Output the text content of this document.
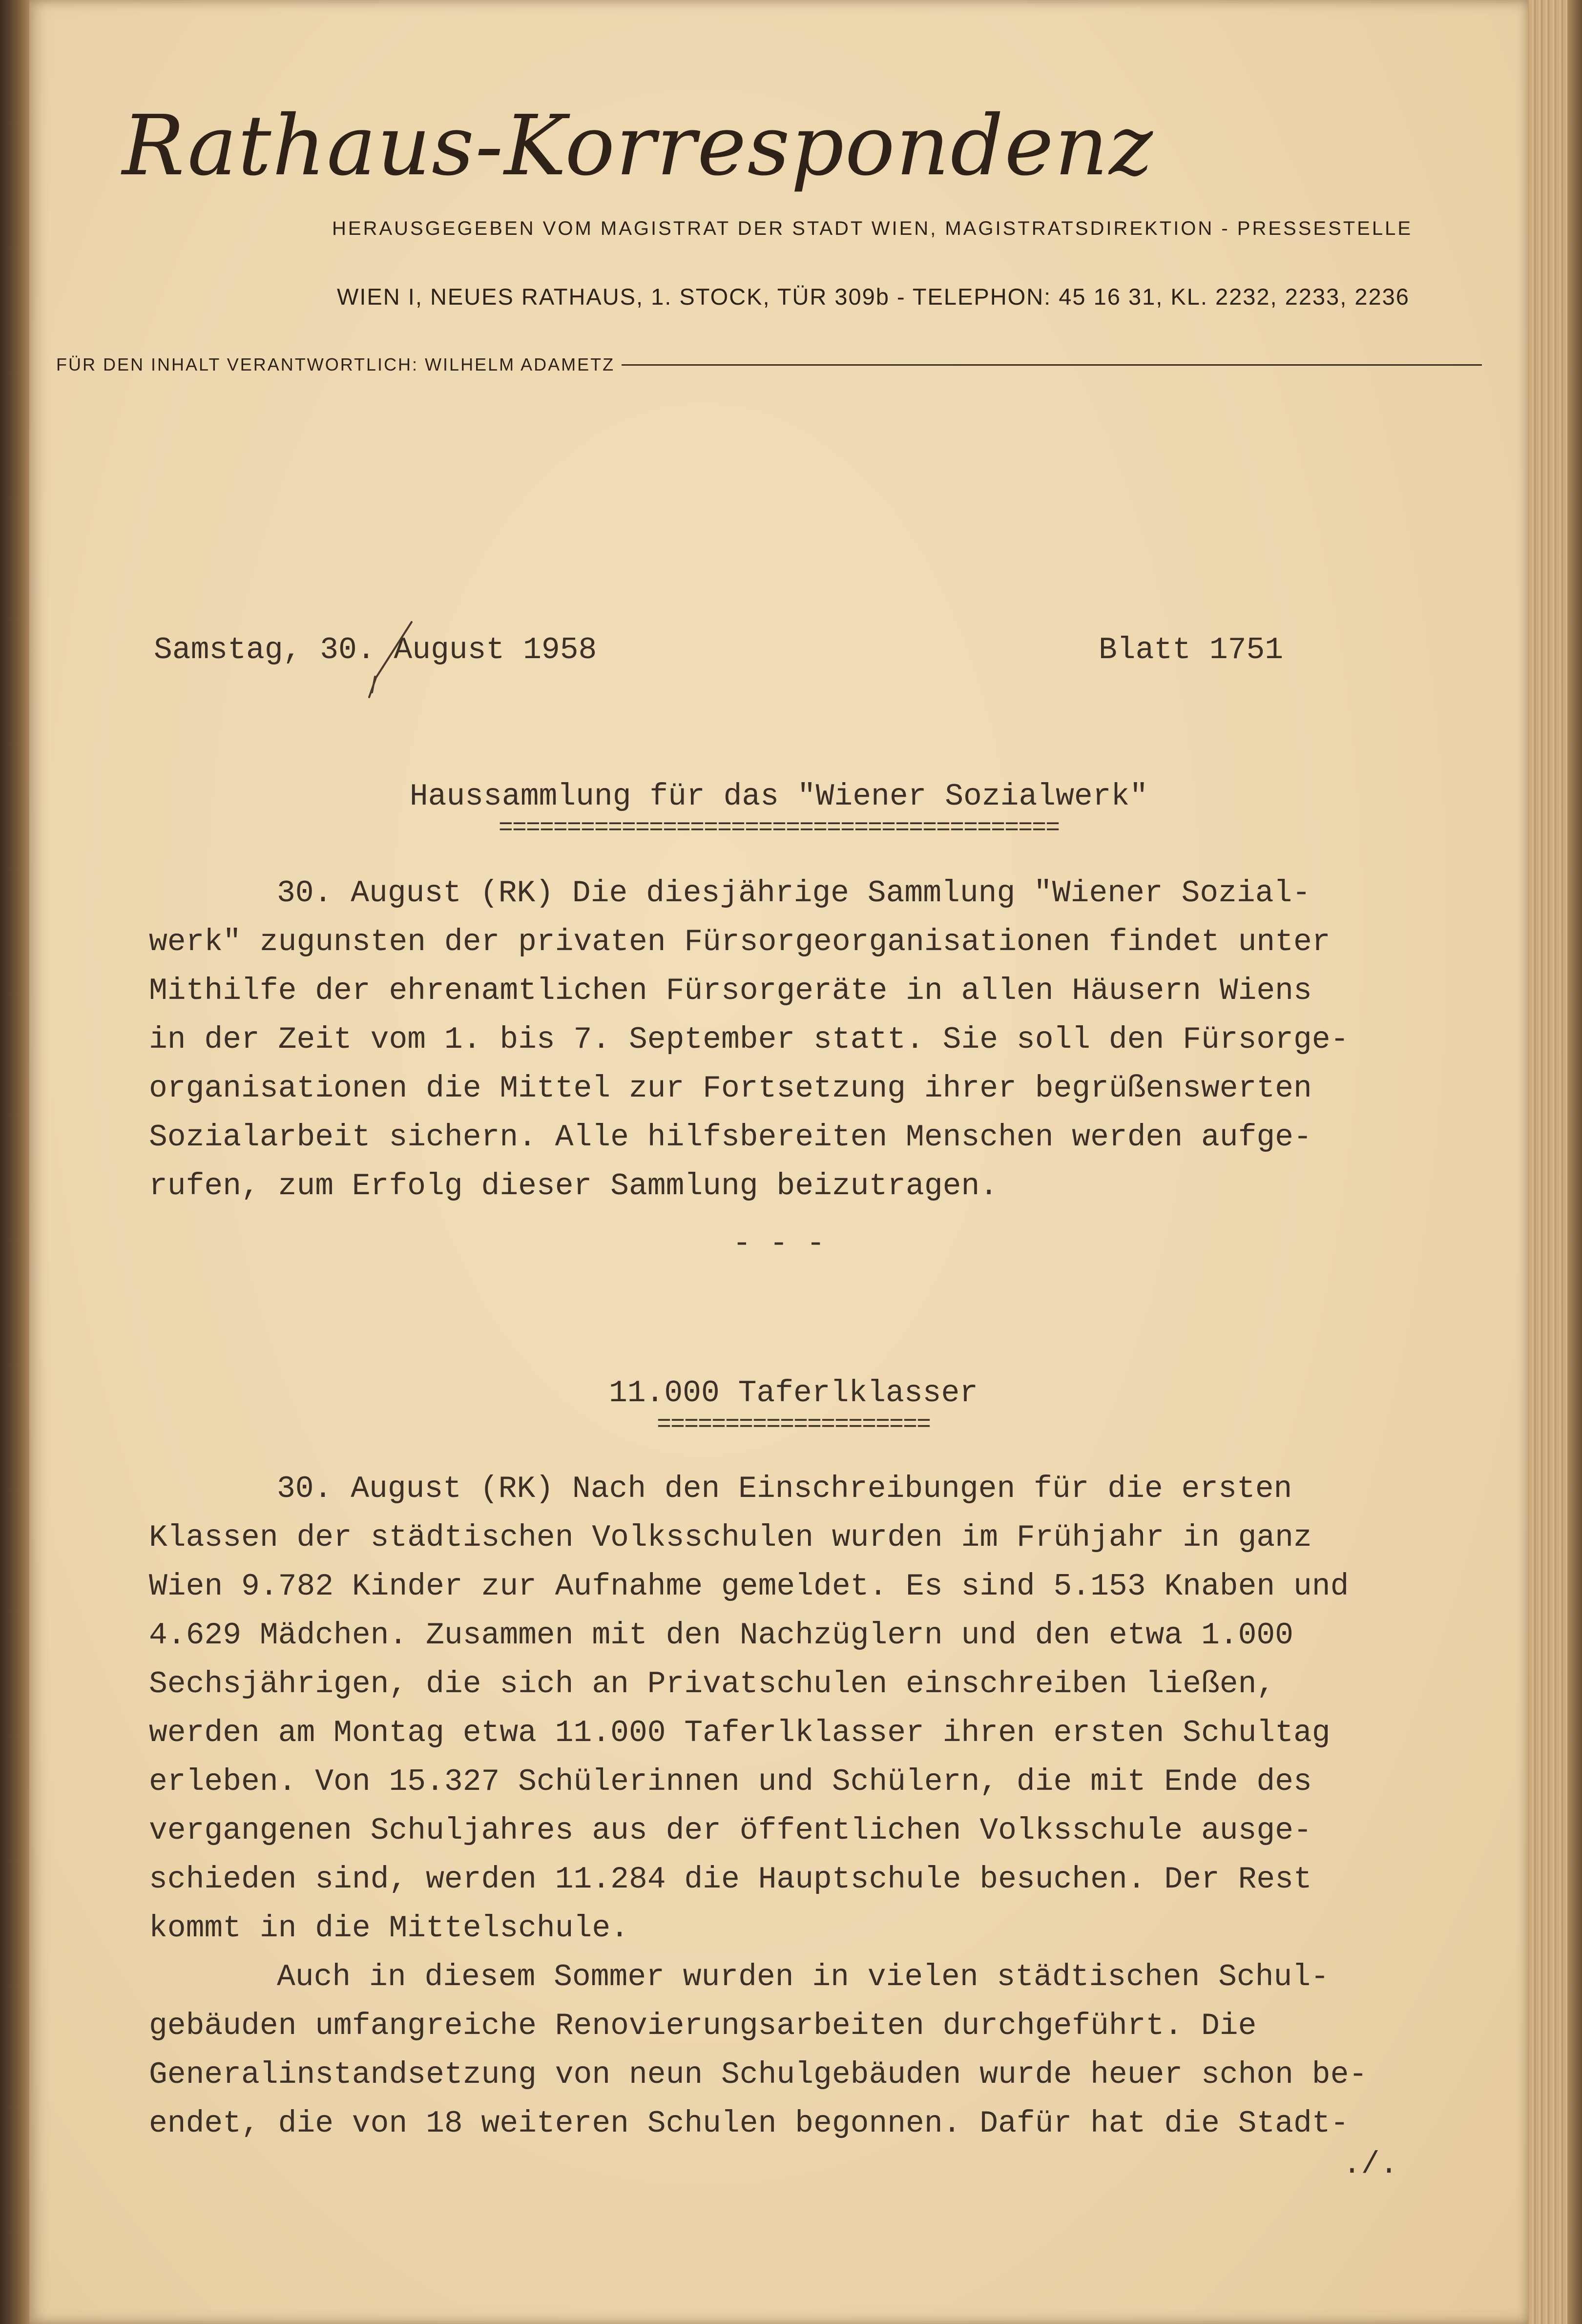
Rathaus-Korrespondenz
HERAUSGEGEBEN VOM MAGISTRAT DER STADT WIEN, MAGISTRATSDIREKTION - PRESSESTELLE
WIEN I, NEUES RATHAUS, 1. STOCK, TÜR 309b - TELEPHON: 45 16 31, KL. 2232, 2233, 2236
FÜR DEN INHALT VERANTWORTLICH: WILHELM ADAMETZ
Samstag, 30. August 1958	Blatt 1751
Haussammlung für das "Wiener Sozialwerk"
=========================================
30. August (RK) Die diesjährige Sammlung "Wiener Sozial-
werk" zugunsten der privaten Fürsorgeorganisationen findet unter
Mithilfe der ehrenamtlichen Fürsorgeräte in allen Häusern Wiens
in der Zeit vom 1. bis 7. September statt. Sie soll den Fürsorge-
organisationen die Mittel zur Fortsetzung ihrer begrüßenswerten
Sozialarbeit sichern. Alle hilfsbereiten Menschen werden aufge-
rufen, zum Erfolg dieser Sammlung beizutragen.
- - -
11.000 Taferlklasser
====================
30. August (RK) Nach den Einschreibungen für die ersten
Klassen der städtischen Volksschulen wurden im Frühjahr in ganz
Wien 9.782 Kinder zur Aufnahme gemeldet. Es sind 5.153 Knaben und
4.629 Mädchen. Zusammen mit den Nachzüglern und den etwa 1.000
Sechsjährigen, die sich an Privatschulen einschreiben ließen,
werden am Montag etwa 11.000 Taferlklasser ihren ersten Schultag
erleben. Von 15.327 Schülerinnen und Schülern, die mit Ende des
vergangenen Schuljahres aus der öffentlichen Volksschule ausge-
schieden sind, werden 11.284 die Hauptschule besuchen. Der Rest
kommt in die Mittelschule.
Auch in diesem Sommer wurden in vielen städtischen Schul-
gebäuden umfangreiche Renovierungsarbeiten durchgeführt. Die
Generalinstandsetzung von neun Schulgebäuden wurde heuer schon be-
endet, die von 18 weiteren Schulen begonnen. Dafür hat die Stadt-
./.
